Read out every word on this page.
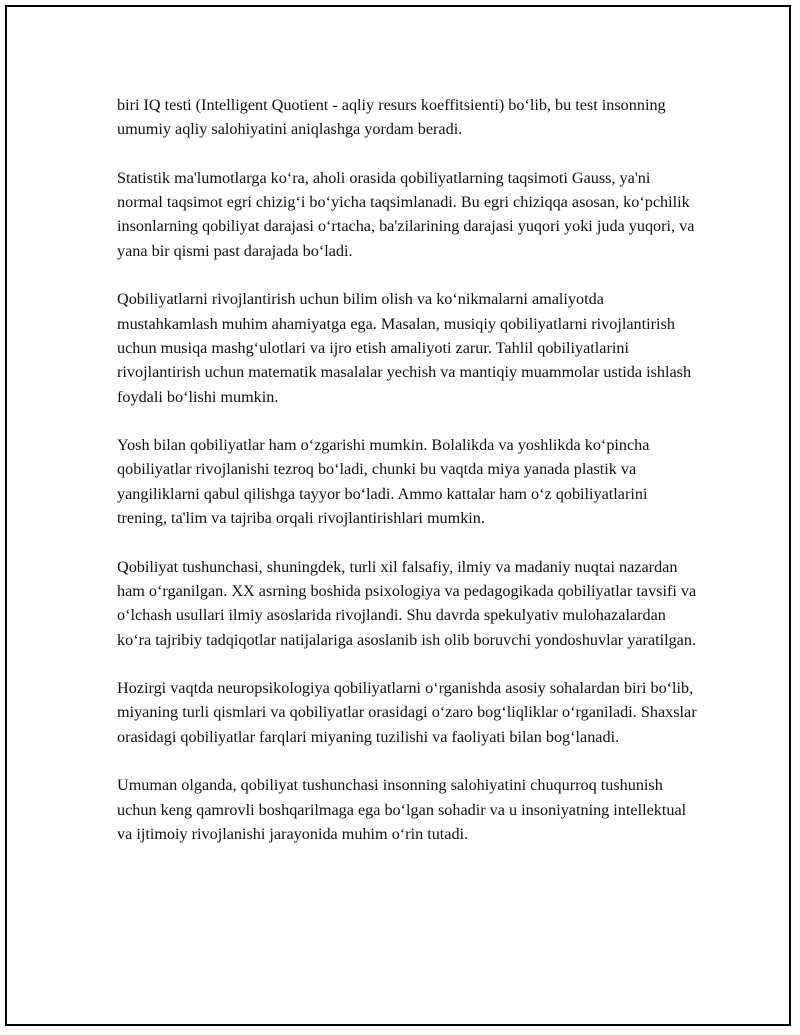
biri IQ testi (Intelligent Quotient - aqliy resurs koeffitsienti) bo‘lib, bu test insonning umumiy aqliy salohiyatini aniqlashga yordam beradi.

Statistik ma'lumotlarga ko‘ra, aholi orasida qobiliyatlarning taqsimoti Gauss, ya'ni normal taqsimot egri chizig‘i bo‘yicha taqsimlanadi. Bu egri chiziqqa asosan, ko‘pchilik insonlarning qobiliyat darajasi o‘rtacha, ba'zilarining darajasi yuqori yoki juda yuqori, va yana bir qismi past darajada bo‘ladi.

Qobiliyatlarni rivojlantirish uchun bilim olish va ko‘nikmalarni amaliyotda mustahkamlash muhim ahamiyatga ega. Masalan, musiqiy qobiliyatlarni rivojlantirish uchun musiqa mashg‘ulotlari va ijro etish amaliyoti zarur. Tahlil qobiliyatlarini rivojlantirish uchun matematik masalalar yechish va mantiqiy muammolar ustida ishlash foydali bo‘lishi mumkin.

Yosh bilan qobiliyatlar ham o‘zgarishi mumkin. Bolalikda va yoshlikda ko‘pincha qobiliyatlar rivojlanishi tezroq bo‘ladi, chunki bu vaqtda miya yanada plastik va yangiliklarni qabul qilishga tayyor bo‘ladi. Ammo kattalar ham o‘z qobiliyatlarini trening, ta'lim va tajriba orqali rivojlantirishlari mumkin.

Qobiliyat tushunchasi, shuningdek, turli xil falsafiy, ilmiy va madaniy nuqtai nazardan ham o‘rganilgan. XX asrning boshida psixologiya va pedagogikada qobiliyatlar tavsifi va o‘lchash usullari ilmiy asoslarida rivojlandi. Shu davrda spekulyativ mulohazalardan ko‘ra tajribiy tadqiqotlar natijalariga asoslanib ish olib boruvchi yondoshuvlar yaratilgan.

Hozirgi vaqtda neuropsikologiya qobiliyatlarni o‘rganishda asosiy sohalardan biri bo‘lib, miyaning turli qismlari va qobiliyatlar orasidagi o‘zaro bog‘liqliklar o‘rganiladi. Shaxslar orasidagi qobiliyatlar farqlari miyaning tuzilishi va faoliyati bilan bog‘lanadi.

Umuman olganda, qobiliyat tushunchasi insonning salohiyatini chuqurroq tushunish uchun keng qamrovli boshqarilmaga ega bo‘lgan sohadir va u insoniyatning intellektual va ijtimoiy rivojlanishi jarayonida muhim o‘rin tutadi.
